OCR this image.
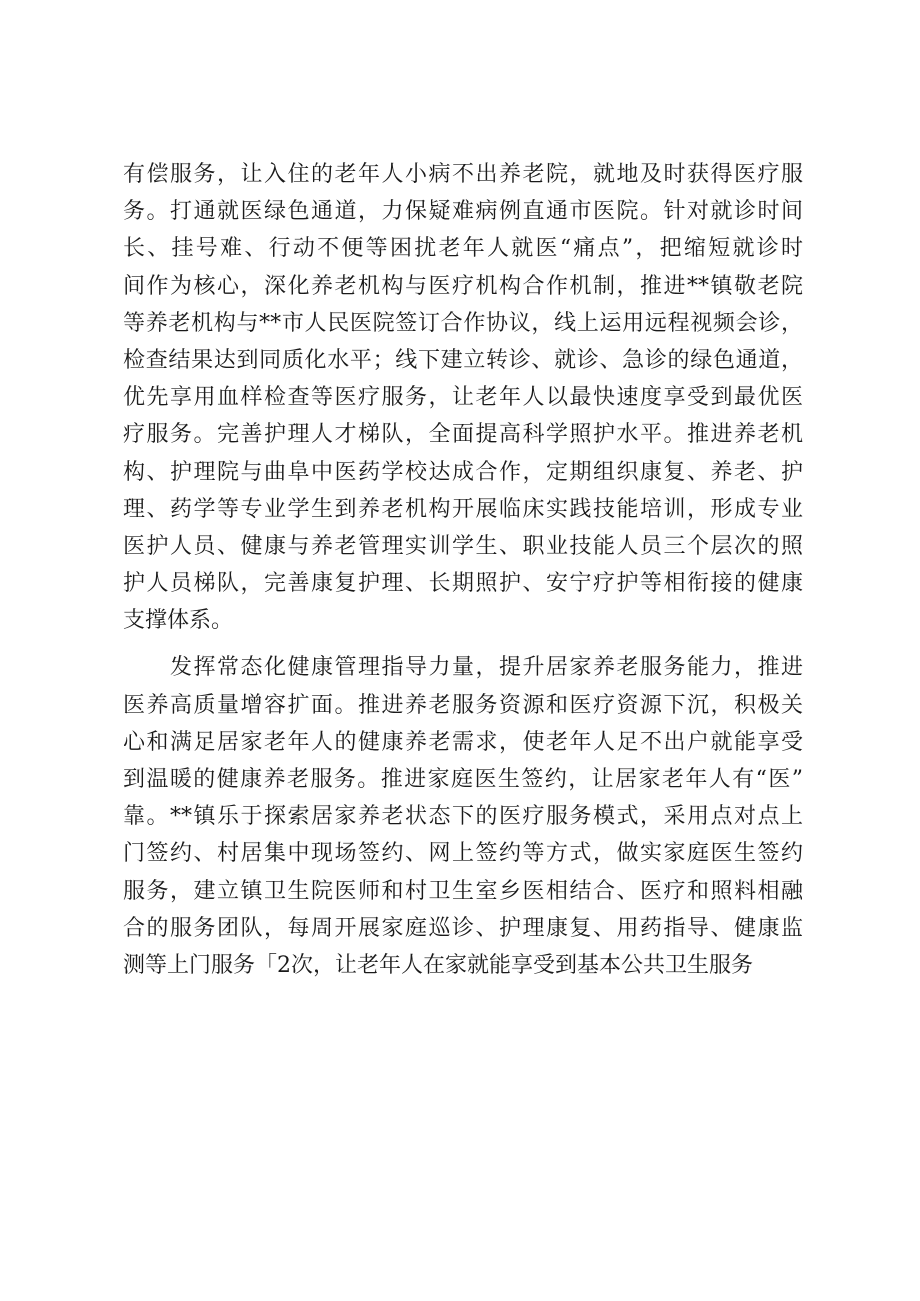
有偿服务，让入住的老年人小病不出养老院，就地及时获得医疗服
务。打通就医绿色通道，力保疑难病例直通市医院。针对就诊时间
长、挂号难、行动不便等困扰老年人就医“痛点”，把缩短就诊时
间作为核心，深化养老机构与医疗机构合作机制，推进**镇敬老院
等养老机构与**市人民医院签订合作协议，线上运用远程视频会诊，
检查结果达到同质化水平；线下建立转诊、就诊、急诊的绿色通道，
优先享用血样检查等医疗服务，让老年人以最快速度享受到最优医
疗服务。完善护理人才梯队，全面提高科学照护水平。推进养老机
构、护理院与曲阜中医药学校达成合作，定期组织康复、养老、护
理、药学等专业学生到养老机构开展临床实践技能培训，形成专业
医护人员、健康与养老管理实训学生、职业技能人员三个层次的照
护人员梯队，完善康复护理、长期照护、安宁疗护等相衔接的健康
支撑体系。
　　发挥常态化健康管理指导力量，提升居家养老服务能力，推进
医养高质量增容扩面。推进养老服务资源和医疗资源下沉，积极关
心和满足居家老年人的健康养老需求，使老年人足不出户就能享受
到温暖的健康养老服务。推进家庭医生签约，让居家老年人有“医”
靠。**镇乐于探索居家养老状态下的医疗服务模式，采用点对点上
门签约、村居集中现场签约、网上签约等方式，做实家庭医生签约
服务，建立镇卫生院医师和村卫生室乡医相结合、医疗和照料相融
合的服务团队，每周开展家庭巡诊、护理康复、用药指导、健康监
测等上门服务「2次，让老年人在家就能享受到基本公共卫生服务
